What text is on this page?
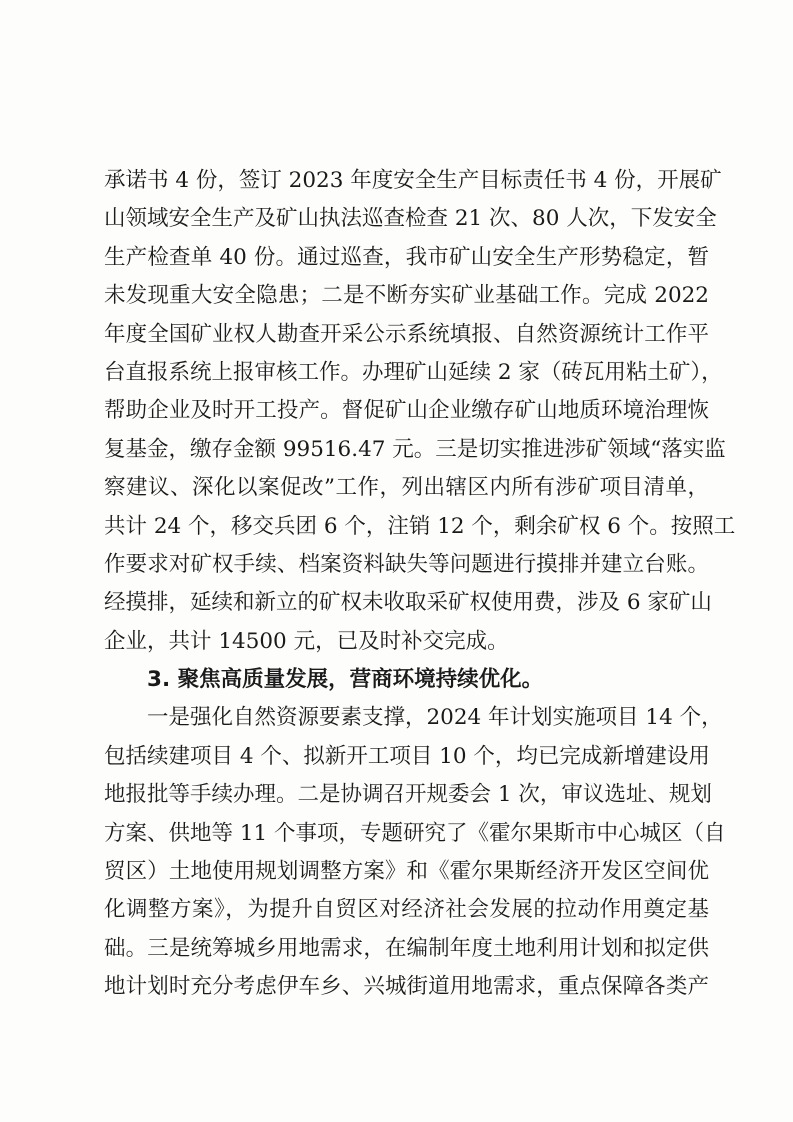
承诺书 4 份，签订 2023 年度安全生产目标责任书 4 份，开展矿
山领域安全生产及矿山执法巡查检查 21 次、80 人次，下发安全
生产检查单 40 份。通过巡查，我市矿山安全生产形势稳定，暂
未发现重大安全隐患；二是不断夯实矿业基础工作。完成 2022
年度全国矿业权人勘查开采公示系统填报、自然资源统计工作平
台直报系统上报审核工作。办理矿山延续 2 家（砖瓦用粘土矿），
帮助企业及时开工投产。督促矿山企业缴存矿山地质环境治理恢
复基金，缴存金额 99516.47 元。三是切实推进涉矿领域“落实监
察建议、深化以案促改”工作，列出辖区内所有涉矿项目清单，
共计 24 个，移交兵团 6 个，注销 12 个，剩余矿权 6 个。按照工
作要求对矿权手续、档案资料缺失等问题进行摸排并建立台账。
经摸排，延续和新立的矿权未收取采矿权使用费，涉及 6 家矿山
企业，共计 14500 元，已及时补交完成。
3. 聚焦高质量发展，营商环境持续优化。
一是强化自然资源要素支撑，2024 年计划实施项目 14 个，
包括续建项目 4 个、拟新开工项目 10 个，均已完成新增建设用
地报批等手续办理。二是协调召开规委会 1 次，审议选址、规划
方案、供地等 11 个事项，专题研究了《霍尔果斯市中心城区（自
贸区）土地使用规划调整方案》和《霍尔果斯经济开发区空间优
化调整方案》，为提升自贸区对经济社会发展的拉动作用奠定基
础。三是统筹城乡用地需求，在编制年度土地利用计划和拟定供
地计划时充分考虑伊车乡、兴城街道用地需求，重点保障各类产
